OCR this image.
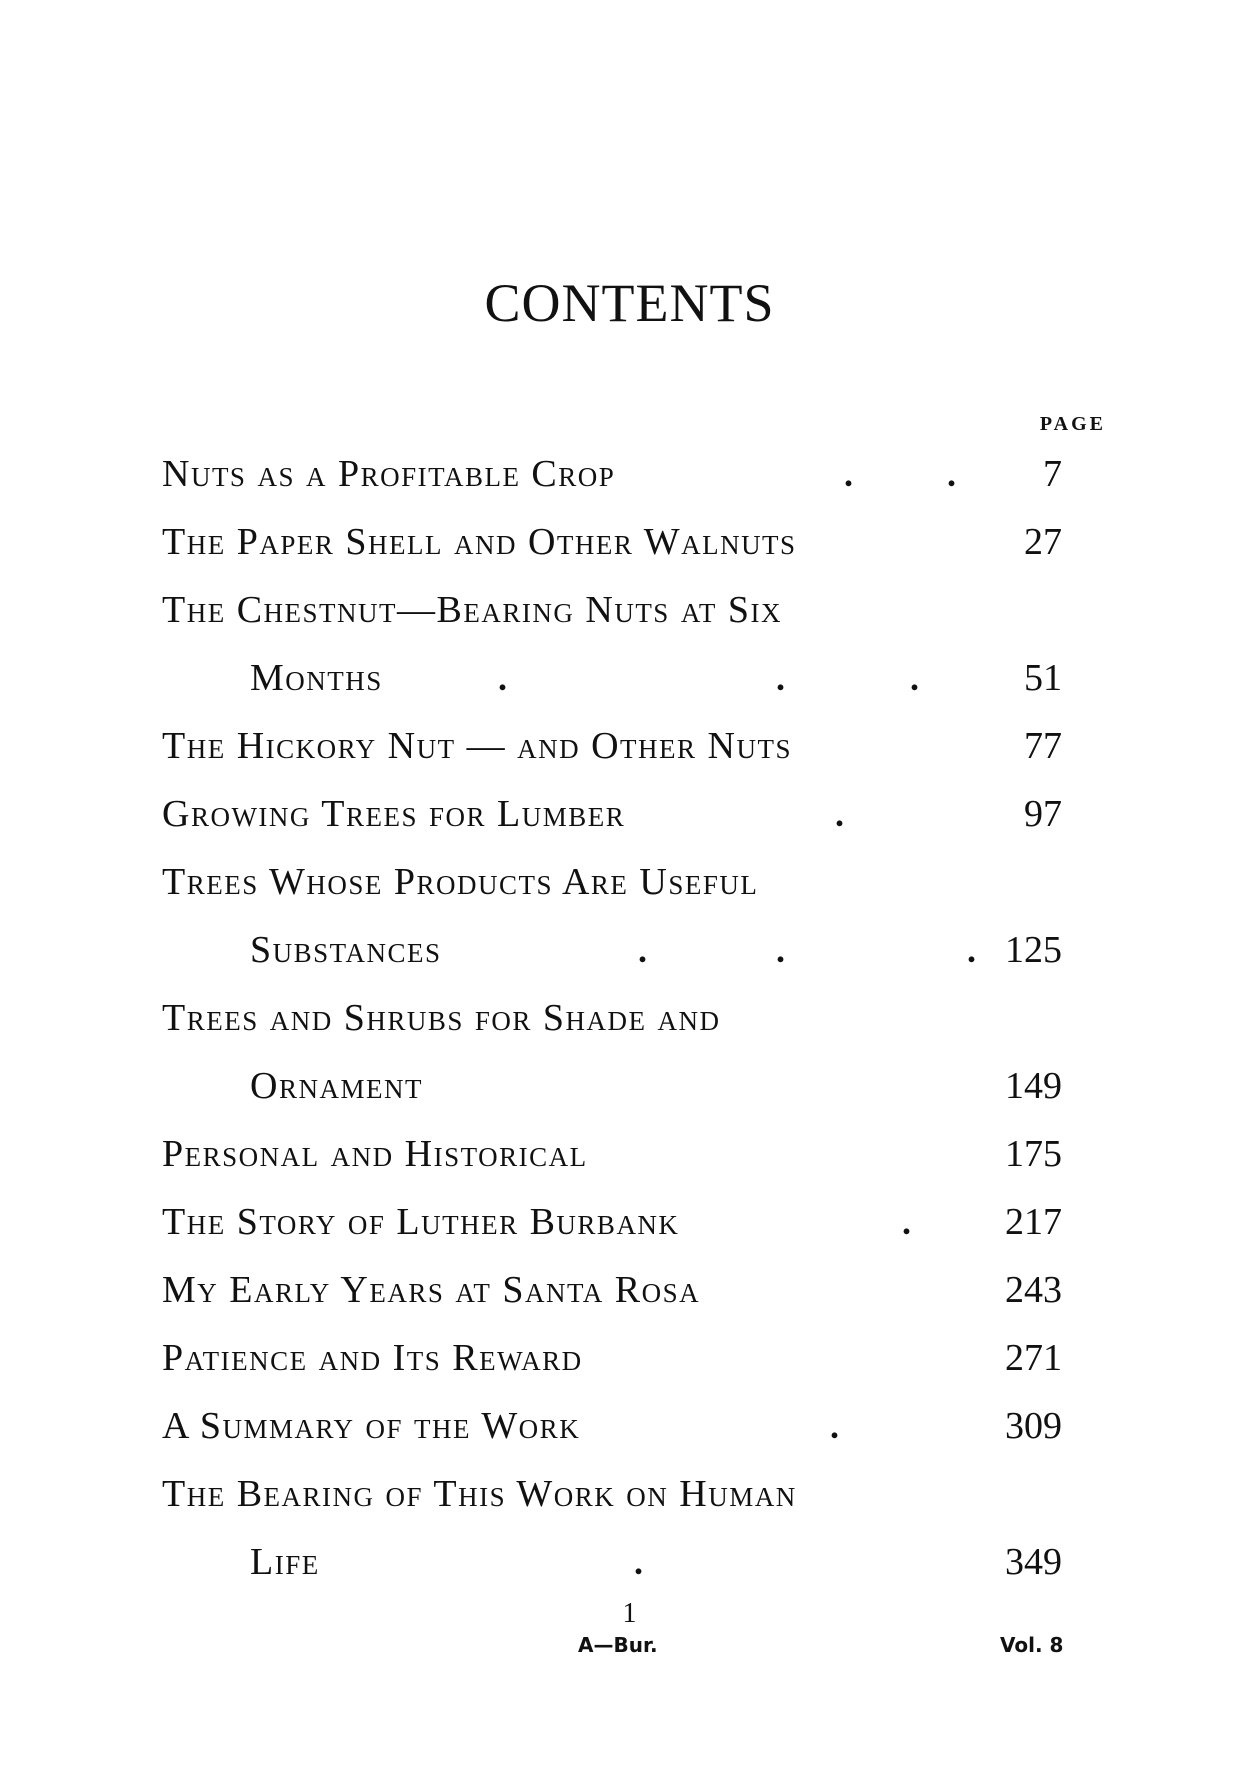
CONTENTS
PAGE
Nuts as a Profitable Crop	.	. 7
The Paper Shell and Other Walnuts	27
The Chestnut—Bearing Nuts at Six
Months	.	.	.	51
The Hickory Nut — and Other Nuts	77
Growing Trees for Lumber	.	97
Trees Whose Products Are Useful
Substances	.	.	. 125
Trees and Shrubs for Shade and
Ornament	149
Personal and Historical	175
The Story of Luther Burbank	. 217
My Early Years at Santa Rosa	243
Patience and Its Reward	271
A Summary of the Work	.	309
The Bearing of This Work on Human
Life	.	349
1
A—Bur.	Vol. 8
